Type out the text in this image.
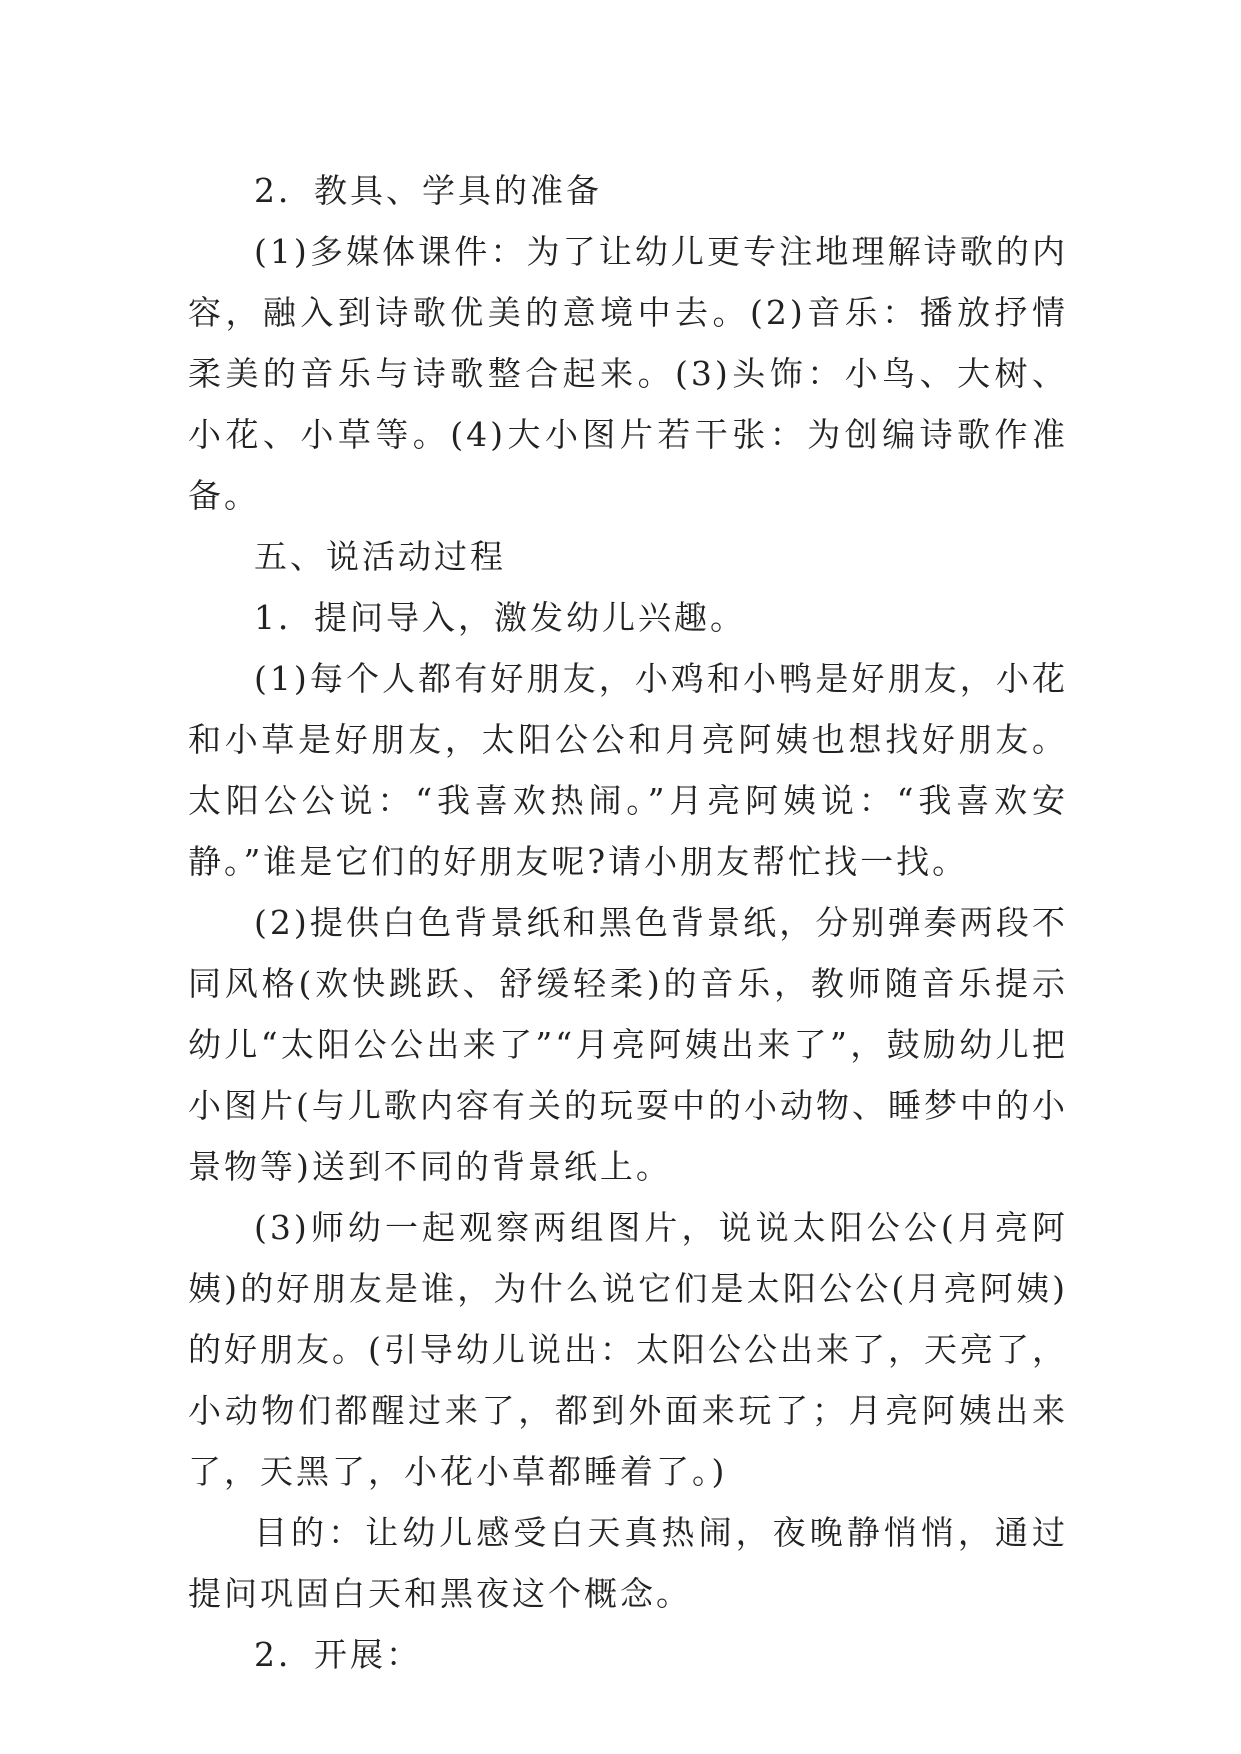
2．教具、学具的准备

(1)多媒体课件：为了让幼儿更专注地理解诗歌的内容，融入到诗歌优美的意境中去。(2)音乐：播放抒情柔美的音乐与诗歌整合起来。(3)头饰：小鸟、大树、小花、小草等。(4)大小图片若干张：为创编诗歌作准备。

五、说活动过程

1．提问导入，激发幼儿兴趣。

(1)每个人都有好朋友，小鸡和小鸭是好朋友，小花和小草是好朋友，太阳公公和月亮阿姨也想找好朋友。太阳公公说：“我喜欢热闹。”月亮阿姨说：“我喜欢安静。”谁是它们的好朋友呢?请小朋友帮忙找一找。

(2)提供白色背景纸和黑色背景纸，分别弹奏两段不同风格(欢快跳跃、舒缓轻柔)的音乐，教师随音乐提示幼儿“太阳公公出来了”“月亮阿姨出来了”，鼓励幼儿把小图片(与儿歌内容有关的玩耍中的小动物、睡梦中的小景物等)送到不同的背景纸上。

(3)师幼一起观察两组图片，说说太阳公公(月亮阿姨)的好朋友是谁，为什么说它们是太阳公公(月亮阿姨)的好朋友。(引导幼儿说出：太阳公公出来了，天亮了，小动物们都醒过来了，都到外面来玩了；月亮阿姨出来了，天黑了，小花小草都睡着了。)

目的：让幼儿感受白天真热闹，夜晚静悄悄，通过提问巩固白天和黑夜这个概念。

2．开展：
